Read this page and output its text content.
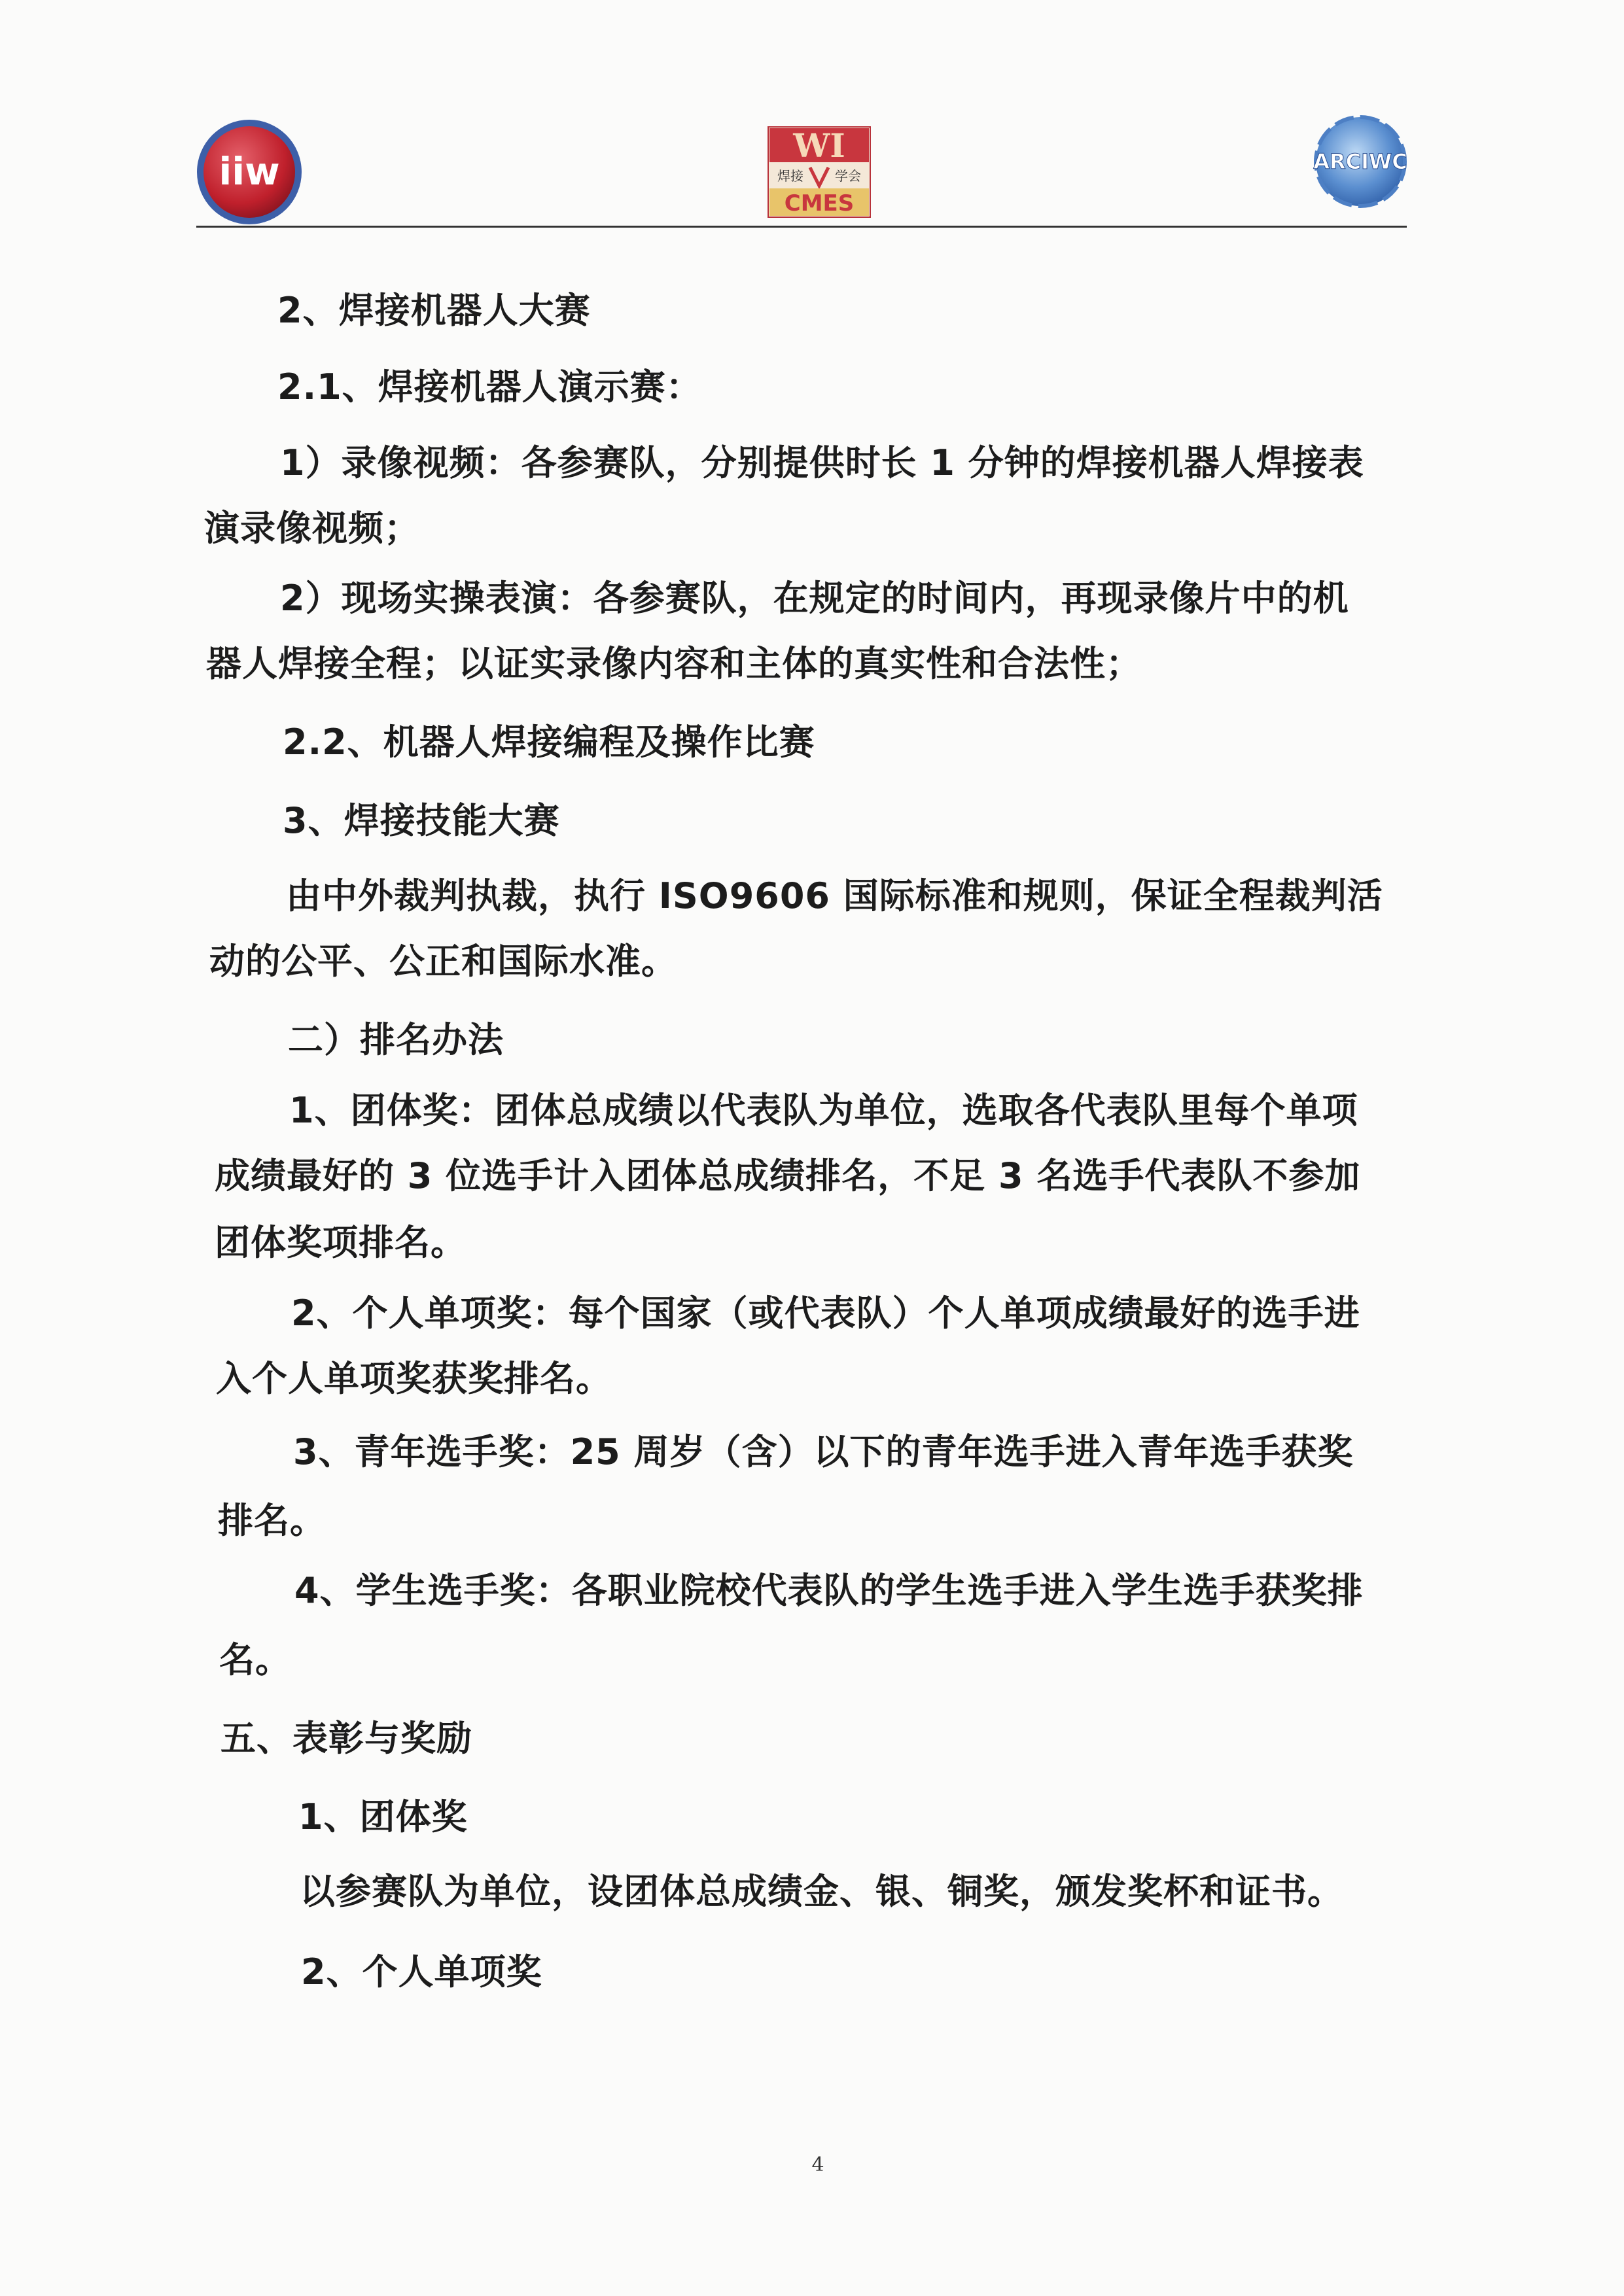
iiw
WI
焊接 学会
CMES
ARCIWC
2、焊接机器人大赛
2.1、焊接机器人演示赛：
1）录像视频：各参赛队，分别提供时长 1 分钟的焊接机器人焊接表
演录像视频；
2）现场实操表演：各参赛队，在规定的时间内，再现录像片中的机
器人焊接全程；以证实录像内容和主体的真实性和合法性；
2.2、机器人焊接编程及操作比赛
3、焊接技能大赛
由中外裁判执裁，执行 ISO9606 国际标准和规则，保证全程裁判活
动的公平、公正和国际水准。
二）排名办法
1、团体奖：团体总成绩以代表队为单位，选取各代表队里每个单项
成绩最好的 3 位选手计入团体总成绩排名，不足 3 名选手代表队不参加
团体奖项排名。
2、个人单项奖：每个国家（或代表队）个人单项成绩最好的选手进
入个人单项奖获奖排名。
3、青年选手奖：25 周岁（含）以下的青年选手进入青年选手获奖
排名。
4、学生选手奖：各职业院校代表队的学生选手进入学生选手获奖排
名。
五、表彰与奖励
1、团体奖
以参赛队为单位，设团体总成绩金、银、铜奖，颁发奖杯和证书。
2、个人单项奖
4
